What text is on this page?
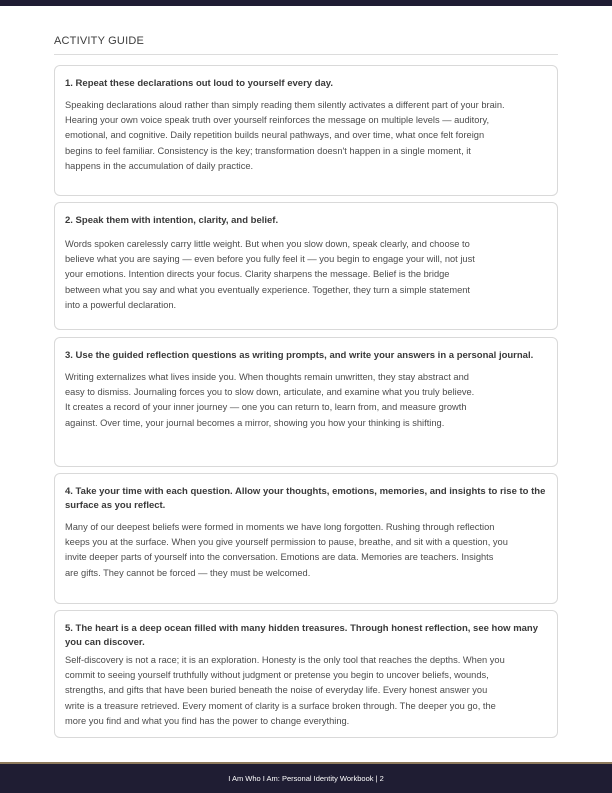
ACTIVITY GUIDE

1. Repeat these declarations out loud to yourself every day.

Speaking declarations aloud rather than simply reading them silently activates a different part of your brain.
Hearing your own voice speak truth over yourself reinforces the message on multiple levels — auditory,
emotional, and cognitive. Daily repetition builds neural pathways, and over time, what once felt foreign
begins to feel familiar. Consistency is the key; transformation doesn't happen in a single moment, it
happens in the accumulation of daily practice.

2. Speak them with intention, clarity, and belief.

Words spoken carelessly carry little weight. But when you slow down, speak clearly, and choose to
believe what you are saying — even before you fully feel it — you begin to engage your will, not just
your emotions. Intention directs your focus. Clarity sharpens the message. Belief is the bridge
between what you say and what you eventually experience. Together, they turn a simple statement
into a powerful declaration.

3. Use the guided reflection questions as writing prompts, and write your answers in a personal journal.

Writing externalizes what lives inside you. When thoughts remain unwritten, they stay abstract and
easy to dismiss. Journaling forces you to slow down, articulate, and examine what you truly believe.
It creates a record of your inner journey — one you can return to, learn from, and measure growth
against. Over time, your journal becomes a mirror, showing you how your thinking is shifting.

4. Take your time with each question. Allow your thoughts, emotions, memories, and insights to rise to the surface as you reflect.

Many of our deepest beliefs were formed in moments we have long forgotten. Rushing through reflection
keeps you at the surface. When you give yourself permission to pause, breathe, and sit with a question, you
invite deeper parts of yourself into the conversation. Emotions are data. Memories are teachers. Insights
are gifts. They cannot be forced — they must be welcomed.

5. The heart is a deep ocean filled with many hidden treasures. Through honest reflection, see how many you can discover.

Self-discovery is not a race; it is an exploration. Honesty is the only tool that reaches the depths. When you
commit to seeing yourself truthfully without judgment or pretense you begin to uncover beliefs, wounds,
strengths, and gifts that have been buried beneath the noise of everyday life. Every honest answer you
write is a treasure retrieved. Every moment of clarity is a surface broken through. The deeper you go, the
more you find and what you find has the power to change everything.

I Am Who I Am: Personal Identity Workbook | 2
